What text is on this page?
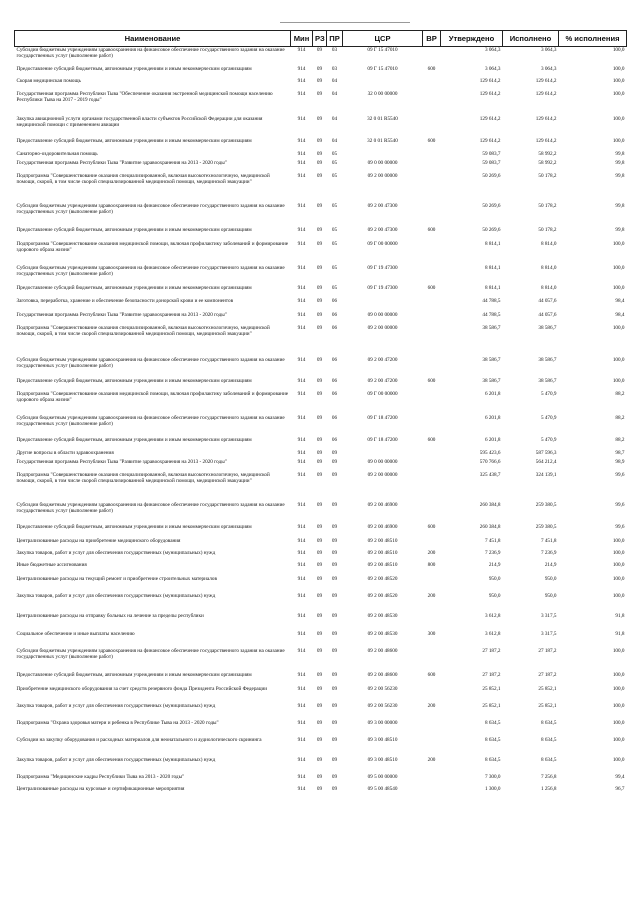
Наименование	Мин	РЗ	ПР	ЦСР	ВР	Утверждено	Исполнено	% исполнения
Субсидии бюджетным учреждениям здравоохранения на финансовое обеспечение государственного задания на оказание государственных услуг (выполнение работ)	914	09	03	09 Г 15 47010		3 064,3	3 064,3	100,0
Предоставление субсидий бюджетным, автономным учреждениям и иным некоммерческим организациям	914	09	03	09 Г 15 47010	600	3 064,3	3 064,3	100,0
Скорая медицинская помощь	914	09	04			129 614,2	129 614,2	100,0
Государственная программа Республики Тыва "Обеспечение оказания экстренной медицинской помощи населению Республики Тыва на 2017 - 2019 годы"	914	09	04	32 0 00 00000		129 614,2	129 614,2	100,0
Закупка авиационной услуги органами государственной власти субъектов Российской Федерации для оказания медицинской помощи с применением авиации	914	09	04	32 0 01 R5540		129 614,2	129 614,2	100,0
Предоставление субсидий бюджетным, автономным учреждениям и иным некоммерческим организациям	914	09	04	32 0 01 R5540	600	129 614,2	129 614,2	100,0
Санаторно-оздоровительная помощь	914	09	05			59 083,7	58 992,2	99,8
Государственная программа Республики Тыва "Развитие здравоохранения на 2013 - 2020 годы"	914	09	05	09 0 00 00000		59 083,7	58 992,2	99,8
Подпрограмма "Совершенствование оказания специализированной, включая высокотехнологичную, медицинской помощи, скорой, в том числе скорой специализированной медицинской помощи, медицинской эвакуации"	914	09	05	09 2 00 00000		50 269,6	50 178,2	99,8
Субсидии бюджетным учреждениям здравоохранения на финансовое обеспечение государственного задания на оказание государственных услуг (выполнение работ)	914	09	05	09 2 00 47300		50 269,6	50 178,2	99,8
Предоставление субсидий бюджетным, автономным учреждениям и иным некоммерческим организациям	914	09	05	09 2 00 47300	600	50 269,6	50 178,2	99,8
Подпрограмма "Совершенствование оказания медицинской помощи, включая профилактику заболеваний и формирование здорового образа жизни"	914	09	05	09 Г 00 00000		8 814,1	8 814,0	100,0
Субсидии бюджетным учреждениям здравоохранения на финансовое обеспечение государственного задания на оказание государственных услуг (выполнение работ)	914	09	05	09 Г 19 47300		8 814,1	8 814,0	100,0
Предоставление субсидий бюджетным, автономным учреждениям и иным некоммерческим организациям	914	09	05	09 Г 19 47300	600	8 814,1	8 814,0	100,0
Заготовка, переработка, хранение и обеспечение безопасности донорской крови и ее компонентов	914	09	06			44 788,5	44 057,6	98,4
Государственная программа Республики Тыва "Развитие здравоохранения на 2013 - 2020 годы"	914	09	06	09 0 00 00000		44 788,5	44 057,6	98,4
Подпрограмма "Совершенствование оказания специализированной, включая высокотехнологичную, медицинской помощи, скорой, в том числе скорой специализированной медицинской помощи, медицинской эвакуации"	914	09	06	09 2 00 00000		38 586,7	38 586,7	100,0
Субсидии бюджетным учреждениям здравоохранения на финансовое обеспечение государственного задания на оказание государственных услуг (выполнение работ)	914	09	06	09 2 00 47200		38 586,7	38 586,7	100,0
Предоставление субсидий бюджетным, автономным учреждениям и иным некоммерческим организациям	914	09	06	09 2 00 47200	600	38 586,7	38 586,7	100,0
Подпрограмма "Совершенствование оказания медицинской помощи, включая профилактику заболеваний и формирование здорового образа жизни"	914	09	06	09 Г 00 00000		6 201,8	5 470,9	88,2
Субсидии бюджетным учреждениям здравоохранения на финансовое обеспечение государственного задания на оказание государственных услуг (выполнение работ)	914	09	06	09 Г 18 47200		6 201,8	5 470,9	88,2
Предоставление субсидий бюджетным, автономным учреждениям и иным некоммерческим организациям	914	09	06	09 Г 18 47200	600	6 201,8	5 470,9	88,2
Другие вопросы в области здравоохранения	914	09	09			595 423,6	587 596,3	98,7
Государственная программа Республики Тыва "Развитие здравоохранения на 2013 - 2020 годы"	914	09	09	09 0 00 00000		570 766,6	564 212,4	98,9
Подпрограмма "Совершенствование оказания специализированной, включая высокотехнологичную, медицинской помощи, скорой, в том числе скорой специализированной медицинской помощи, медицинской эвакуации"	914	09	09	09 2 00 00000		325 438,7	324 139,1	99,6
Субсидии бюджетным учреждениям здравоохранения на финансовое обеспечение государственного задания на оказание государственных услуг (выполнение работ)	914	09	09	09 2 00 46900		260 384,8	259 380,5	99,6
Предоставление субсидий бюджетным, автономным учреждениям и иным некоммерческим организациям	914	09	09	09 2 00 46900	600	260 384,8	259 380,5	99,6
Централизованные расходы на приобретение медицинского оборудования	914	09	09	09 2 00 48510		7 451,8	7 451,8	100,0
Закупка товаров, работ и услуг для обеспечения государственных (муниципальных) нужд	914	09	09	09 2 00 48510	200	7 236,9	7 236,9	100,0
Иные бюджетные ассигнования	914	09	09	09 2 00 48510	800	214,9	214,9	100,0
Централизованные расходы на текущий ремонт и приобретение строительных материалов	914	09	09	09 2 00 48520		950,0	950,0	100,0
Закупка товаров, работ и услуг для обеспечения государственных (муниципальных) нужд	914	09	09	09 2 00 48520	200	950,0	950,0	100,0
Централизованные расходы на отправку больных на лечение за пределы республики	914	09	09	09 2 00 48530		3 612,8	3 317,5	91,8
Социальное обеспечение и иные выплаты населению	914	09	09	09 2 00 48530	300	3 612,8	3 317,5	91,8
Субсидии бюджетным учреждениям здравоохранения на финансовое обеспечение государственного задания на оказание государственных услуг (выполнение работ)	914	09	09	09 2 00 48600		27 187,2	27 187,2	100,0
Предоставление субсидий бюджетным, автономным учреждениям и иным некоммерческим организациям	914	09	09	09 2 00 48600	600	27 187,2	27 187,2	100,0
Приобретение медицинского оборудования за счет средств резервного фонда Президента Российской Федерации	914	09	09	09 2 00 56230		25 852,1	25 852,1	100,0
Закупка товаров, работ и услуг для обеспечения государственных (муниципальных) нужд	914	09	09	09 2 00 56230	200	25 852,1	25 852,1	100,0
Подпрограмма "Охрана здоровья матери и ребенка в Республике Тыва на 2013 - 2020 годы"	914	09	09	09 3 00 00000		8 634,5	8 634,5	100,0
Субсидии на закупку оборудования и расходных материалов для неонатального и аудиологического скрининга	914	09	09	09 3 00 48510		8 634,5	8 634,5	100,0
Закупка товаров, работ и услуг для обеспечения государственных (муниципальных) нужд	914	09	09	09 3 00 48510	200	8 634,5	8 634,5	100,0
Подпрограмма "Медицинские кадры Республики Тыва на 2013 - 2020 годы"	914	09	09	09 5 00 00000		7 300,0	7 256,8	99,4
Централизованные расходы на курсовые и сертификационные мероприятия	914	09	09	09 5 00 48540		1 300,0	1 256,8	96,7
